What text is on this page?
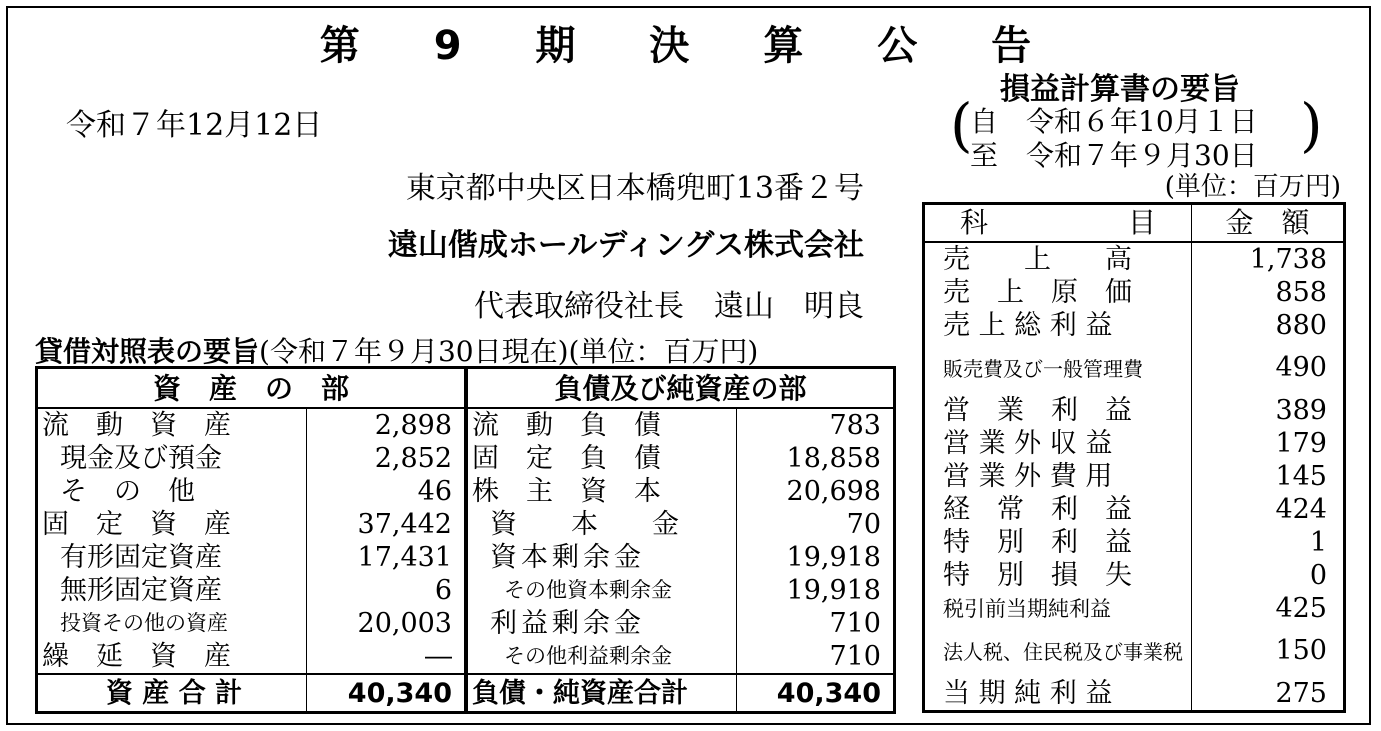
第 9 期 決 算 公 告
令和７年12月12日
東京都中央区日本橋兜町13番２号
遠山偕成ホールディングス株式会社
代表取締役社長　遠山　明良
貸借対照表の要旨(令和７年９月30日現在)(単位：百万円)
資　産　の　部	
流　動　資　産	2,898
現金及び預金	2,852
そ　の　他	46
固　定　資　産	37,442
有形固定資産	17,431
無形固定資産	6
投資その他の資産	20,003
繰　延　資　産	―
資 産 合 計	40,340
負債及び純資産の部	
流　動　負　債	783
固　定　負　債	18,858
株　主　資　本	20,698
資　　本　　金	70
資本剰余金	19,918
その他資本剰余金	19,918
利益剰余金	710
その他利益剰余金	710
負債・純資産合計	40,340
損益計算書の要旨
(
自　令和６年10月１日
至　令和７年９月30日 )
(単位：百万円)
科　　　　　目	金　額
売　　上　　高	1,738
売　上　原　価	858
売 上 総 利 益	880
販売費及び一般管理費	490
営　業　利　益	389
営 業 外 収 益	179
営 業 外 費 用	145
経　常　利　益	424
特　別　利　益	1
特　別　損　失	0
税引前当期純利益	425
法人税、住民税及び事業税	150
当 期 純 利 益	275
